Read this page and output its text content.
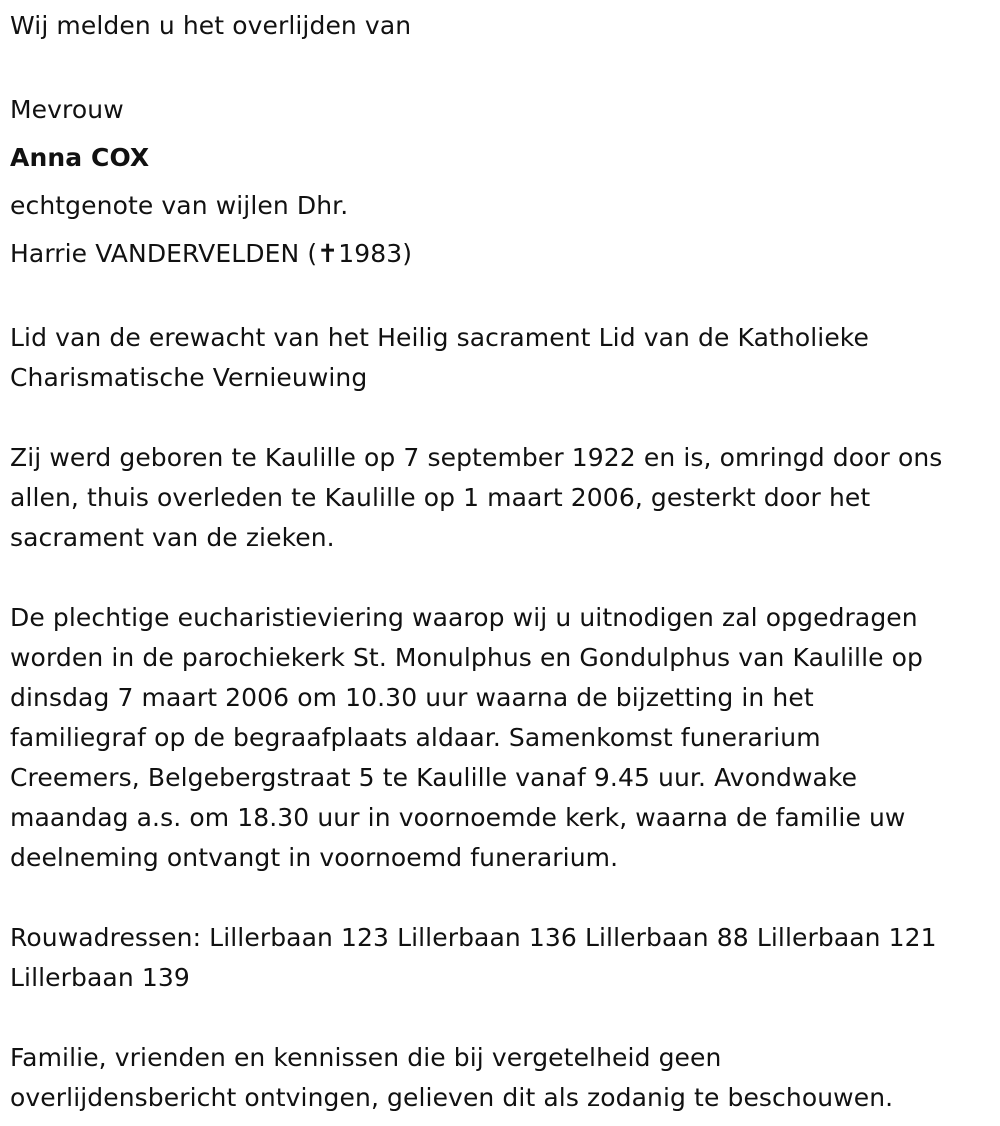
Wij melden u het overlijden van
Mevrouw
Anna COX
echtgenote van wijlen Dhr.
Harrie VANDERVELDEN (✝1983)
Lid van de erewacht van het Heilig sacrament Lid van de Katholieke
Charismatische Vernieuwing
Zij werd geboren te Kaulille op 7 september 1922 en is, omringd door ons
allen, thuis overleden te Kaulille op 1 maart 2006, gesterkt door het
sacrament van de zieken.
De plechtige eucharistieviering waarop wij u uitnodigen zal opgedragen
worden in de parochiekerk St. Monulphus en Gondulphus van Kaulille op
dinsdag 7 maart 2006 om 10.30 uur waarna de bijzetting in het
familiegraf op de begraafplaats aldaar. Samenkomst funerarium
Creemers, Belgebergstraat 5 te Kaulille vanaf 9.45 uur. Avondwake
maandag a.s. om 18.30 uur in voornoemde kerk, waarna de familie uw
deelneming ontvangt in voornoemd funerarium.
Rouwadressen: Lillerbaan 123 Lillerbaan 136 Lillerbaan 88 Lillerbaan 121
Lillerbaan 139
Familie, vrienden en kennissen die bij vergetelheid geen
overlijdensbericht ontvingen, gelieven dit als zodanig te beschouwen.
